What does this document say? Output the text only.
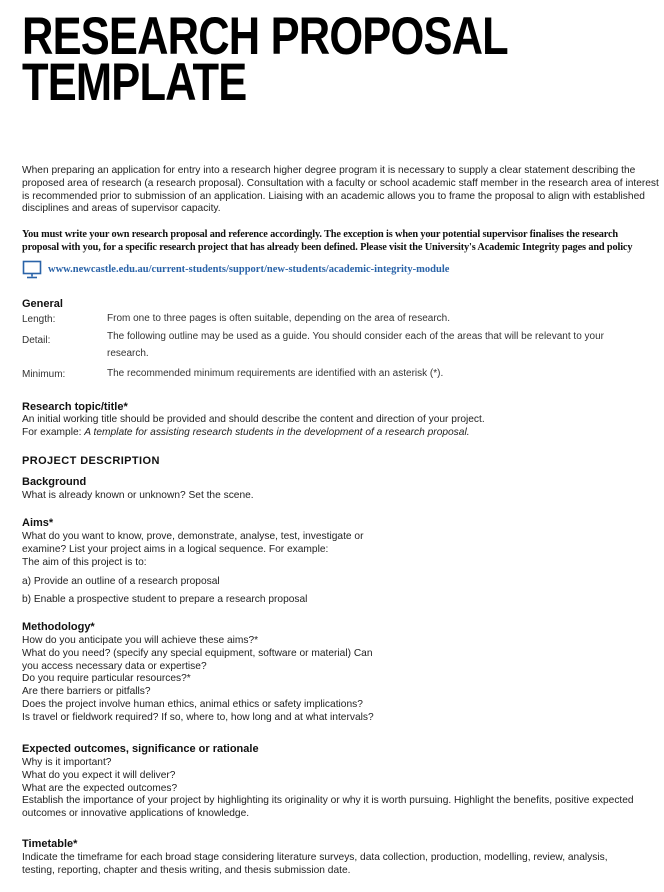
RESEARCH PROPOSAL
TEMPLATE
When preparing an application for entry into a research higher degree program it is necessary to supply a clear statement describing the
proposed area of research (a research proposal). Consultation with a faculty or school academic staff member in the research area of interest
is recommended prior to submission of an application. Liaising with an academic allows you to frame the proposal to align with established
disciplines and areas of supervisor capacity.
You must write your own research proposal and reference accordingly. The exception is when your potential supervisor finalises the research
proposal with you, for a specific research project that has already been defined. Please visit the University's Academic Integrity pages and policy
www.newcastle.edu.au/current-students/support/new-students/academic-integrity-module
General
Length:	From one to three pages is often suitable, depending on the area of research.
Detail:	The following outline may be used as a guide. You should consider each of the areas that will be relevant to your
research.
Minimum:	The recommended minimum requirements are identified with an asterisk (*).
Research topic/title*
An initial working title should be provided and should describe the content and direction of your project.
For example: A template for assisting research students in the development of a research proposal.
PROJECT DESCRIPTION
Background
What is already known or unknown? Set the scene.
Aims*
What do you want to know, prove, demonstrate, analyse, test, investigate or
examine? List your project aims in a logical sequence. For example:
The aim of this project is to:
a) Provide an outline of a research proposal
b) Enable a prospective student to prepare a research proposal
Methodology*
How do you anticipate you will achieve these aims?*
What do you need? (specify any special equipment, software or material) Can
you access necessary data or expertise?
Do you require particular resources?*
Are there barriers or pitfalls?
Does the project involve human ethics, animal ethics or safety implications?
Is travel or fieldwork required? If so, where to, how long and at what intervals?
Expected outcomes, significance or rationale
Why is it important?
What do you expect it will deliver?
What are the expected outcomes?
Establish the importance of your project by highlighting its originality or why it is worth pursuing. Highlight the benefits, positive expected
outcomes or innovative applications of knowledge.
Timetable*
Indicate the timeframe for each broad stage considering literature surveys, data collection, production, modelling, review, analysis,
testing, reporting, chapter and thesis writing, and thesis submission date.
